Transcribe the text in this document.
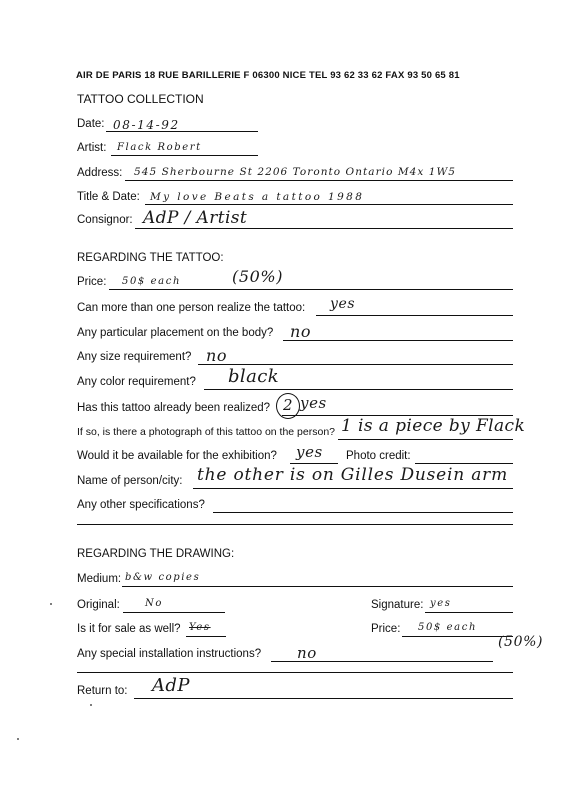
AIR DE PARIS 18 RUE BARILLERIE F 06300 NICE TEL 93 62 33 62 FAX 93 50 65 81
TATTOO COLLECTION
Date: 08-14-92
Artist: Flack Robert
Address: 545 Sherbourne St 2206 Toronto Ontario M4x 1W5
Title & Date: My love Beats a tattoo 1988
Consignor: AdP / Artist
REGARDING THE TATTOO:
Price: 50$ each	(50%)
Can more than one person realize the tattoo: yes
Any particular placement on the body? no
Any size requirement? no
Any color requirement? black
Has this tattoo already been realized? 2 yes
If so, is there a photograph of this tattoo on the person? 1 is a piece by Flack
Would it be available for the exhibition? yes Photo credit:
Name of person/city: the other is on Gilles Dusein arm
Any other specifications?
REGARDING THE DRAWING:
Medium: b&w copies
Original:	No	Signature: yes
Is it for sale as well? Yes	Price: 50$ each
(50%)
Any special installation instructions? no
Return to: AdP
